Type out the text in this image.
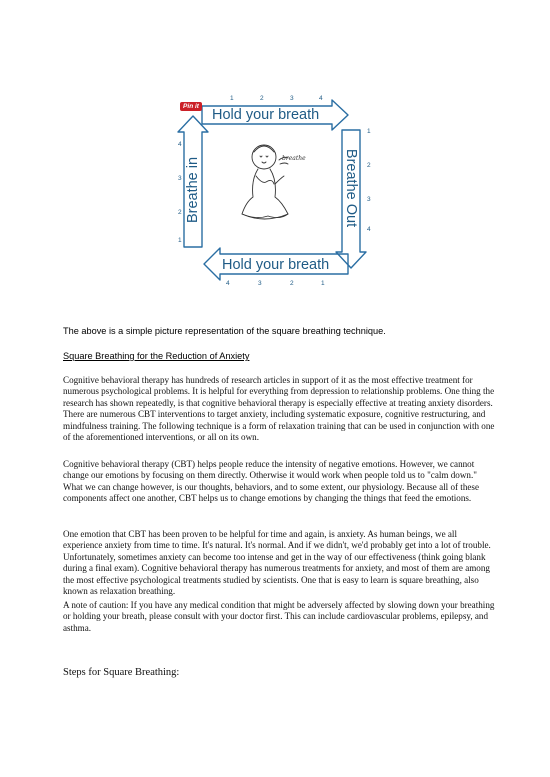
Pin it
Hold your breath
Hold your breath
Breathe Out
Breathe in	breathe
1	2	3	4
1
2
3
4
4	3	2	1
4
3
2
1
The above is a simple picture representation of the square breathing technique.
Square Breathing for the Reduction of Anxiety

Cognitive behavioral therapy has hundreds of research articles in support of it as the most effective treatment for numerous psychological problems. It is helpful for everything from depression to relationship problems. One thing the research has shown repeatedly, is that cognitive behavioral therapy is especially effective at treating anxiety disorders. There are numerous CBT interventions to target anxiety, including systematic exposure, cognitive restructuring, and mindfulness training. The following technique is a form of relaxation training that can be used in conjunction with one of the aforementioned interventions, or all on its own.

Cognitive behavioral therapy (CBT) helps people reduce the intensity of negative emotions. However, we cannot change our emotions by focusing on them directly. Otherwise it would work when people told us to "calm down." What we can change however, is our thoughts, behaviors, and to some extent, our physiology. Because all of these components affect one another, CBT helps us to change emotions by changing the things that feed the emotions.

One emotion that CBT has been proven to be helpful for time and again, is anxiety. As human beings, we all experience anxiety from time to time. It's natural. It's normal. And if we didn't, we'd probably get into a lot of trouble. Unfortunately, sometimes anxiety can become too intense and get in the way of our effectiveness (think going blank during a final exam). Cognitive behavioral therapy has numerous treatments for anxiety, and most of them are among the most effective psychological treatments studied by scientists. One that is easy to learn is square breathing, also known as relaxation breathing.

A note of caution: If you have any medical condition that might be adversely affected by slowing down your breathing or holding your breath, please consult with your doctor first. This can include cardiovascular problems, epilepsy, and asthma.

Steps for Square Breathing:
